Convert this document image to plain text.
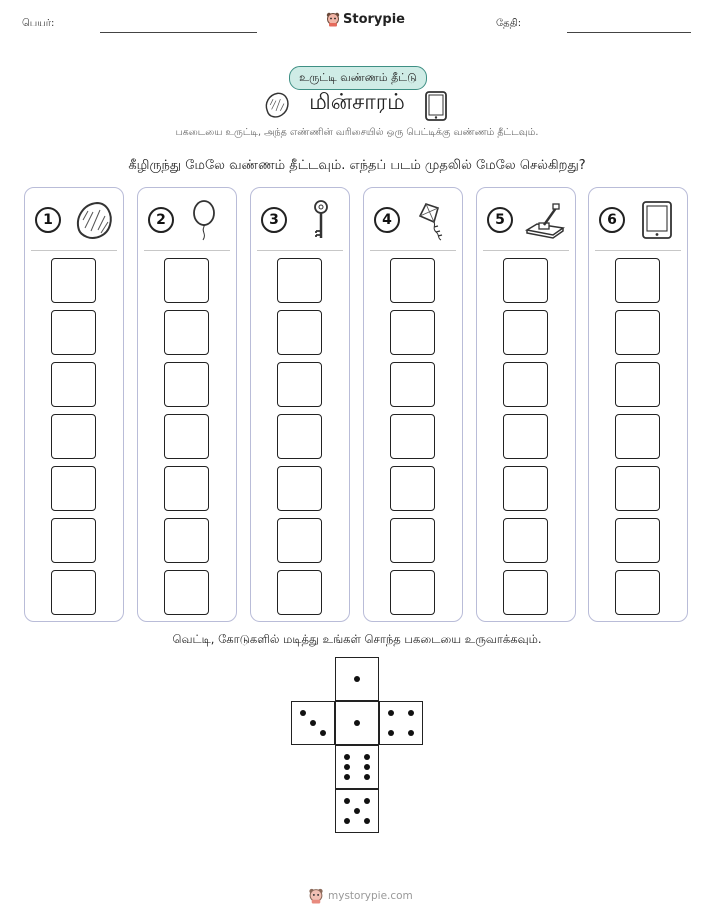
பெயர்:	Storypie	தேதி:
உருட்டி வண்ணம் தீட்டு
மின்சாரம்
பகடையை உருட்டி, அந்த எண்ணின் வரிசையில் ஒரு பெட்டிக்கு வண்ணம் தீட்டவும்.
கீழிருந்து மேலே வண்ணம் தீட்டவும். எந்தப் படம் முதலில் மேலே செல்கிறது?
1	2	3	4	5	6
வெட்டி, கோடுகளில் மடித்து உங்கள் சொந்த பகடையை உருவாக்கவும்.
mystorypie.com
